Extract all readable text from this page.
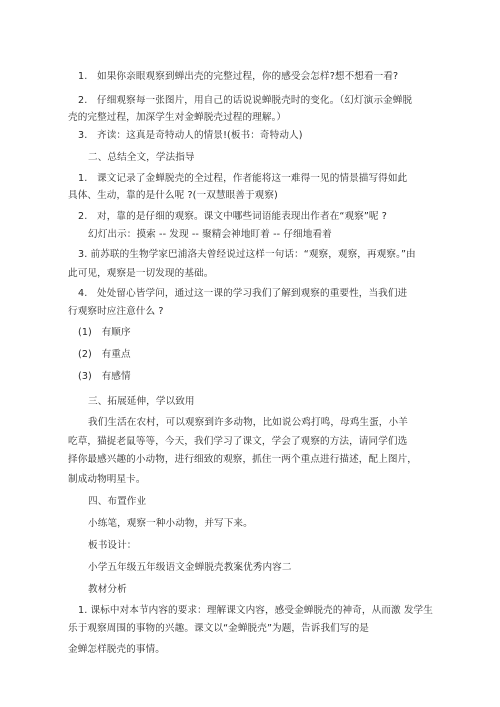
1.　如果你亲眼观察到蝉出壳的完整过程，你的感受会怎样?想不想看一看?
2.　仔细观察每一张图片，用自己的话说说蝉脱壳时的变化。（幻灯演示金蝉脱
壳的完整过程，加深学生对金蝉脱壳过程的理解。）
3.　齐读：这真是奇特动人的情景!(板书：奇特动人)
二、总结全文，学法指导
1.　课文记录了金蝉脱壳的全过程，作者能将这一难得一见的情景描写得如此
具体、生动，靠的是什么呢 ?(一双慧眼善于观察)
2.　对，靠的是仔细的观察。课文中哪些词语能表现出作者在“观察”呢 ?
幻灯出示：摸索 -- 发现 -- 聚精会神地盯着 -- 仔细地看着
3. 前苏联的生物学家巴浦洛夫曾经说过这样一句话：“观察，观察，再观察。”由
此可见，观察是一切发现的基础。
4.　处处留心皆学问，通过这一课的学习我们了解到观察的重要性，当我们进
行观察时应注意什么 ?
(1)　有顺序
(2)　有重点
(3)　有感情
三、拓展延伸，学以致用
我们生活在农村，可以观察到许多动物，比如说公鸡打鸣，母鸡生蛋，小羊
吃草，猫捉老鼠等等，今天，我们学习了课文，学会了观察的方法，请同学们选
择你最感兴趣的小动物，进行细致的观察，抓住一两个重点进行描述，配上图片，
制成动物明星卡。
四、布置作业
小练笔，观察一种小动物，并写下来。
板书设计：
小学五年级五年级语文金蝉脱壳教案优秀内容二
教材分析
1. 课标中对本节内容的要求：理解课文内容，感受金蝉脱壳的神奇，从而激 发学生
乐于观察周围的事物的兴趣。课文以“金蝉脱壳”为题，告诉我们写的是
金蝉怎样脱壳的事情。
